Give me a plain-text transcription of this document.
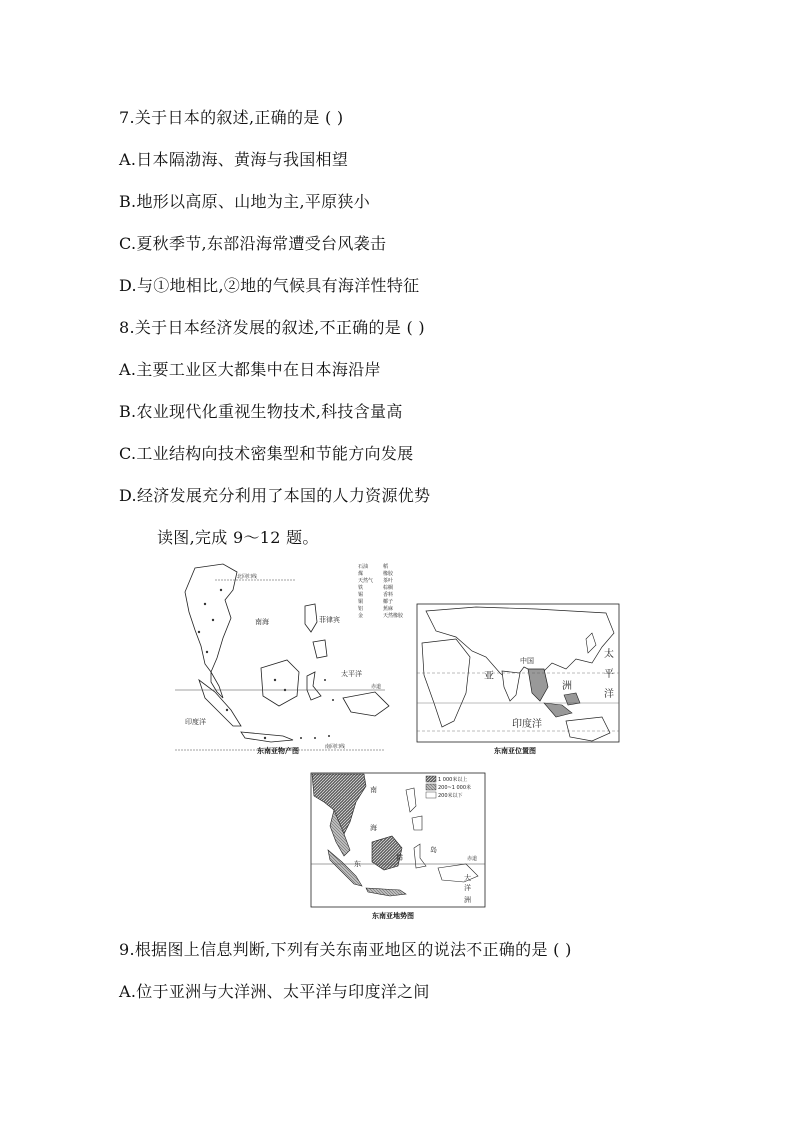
7.关于日本的叙述,正确的是 ( )
A.日本隔渤海、黄海与我国相望
B.地形以高原、山地为主,平原狭小
C.夏秋季节,东部沿海常遭受台风袭击
D.与①地相比,②地的气候具有海洋性特征
8.关于日本经济发展的叙述,不正确的是 ( )
A.主要工业区大都集中在日本海沿岸
B.农业现代化重视生物技术,科技含量高
C.工业结构向技术密集型和节能方向发展
D.经济发展充分利用了本国的人力资源优势
读图,完成 9～12 题。
北回归线
赤道
南回归线
南海	菲律宾
太平洋
印度洋
石油
煤
天然气
铁
锡
铜
铝
金
稻
橡胶
茶叶
棕榈
香料
椰子
蕉麻
天然橡胶
东南亚物产图
中国
亚
洲
太
平
洋
印度洋
东南亚位置图
赤道
南
海
岛
群
东
大
洋
洲
1 000米以上
200~1 000米
200米以下
东南亚地势图
9.根据图上信息判断,下列有关东南亚地区的说法不正确的是 ( )
A.位于亚洲与大洋洲、太平洋与印度洋之间
